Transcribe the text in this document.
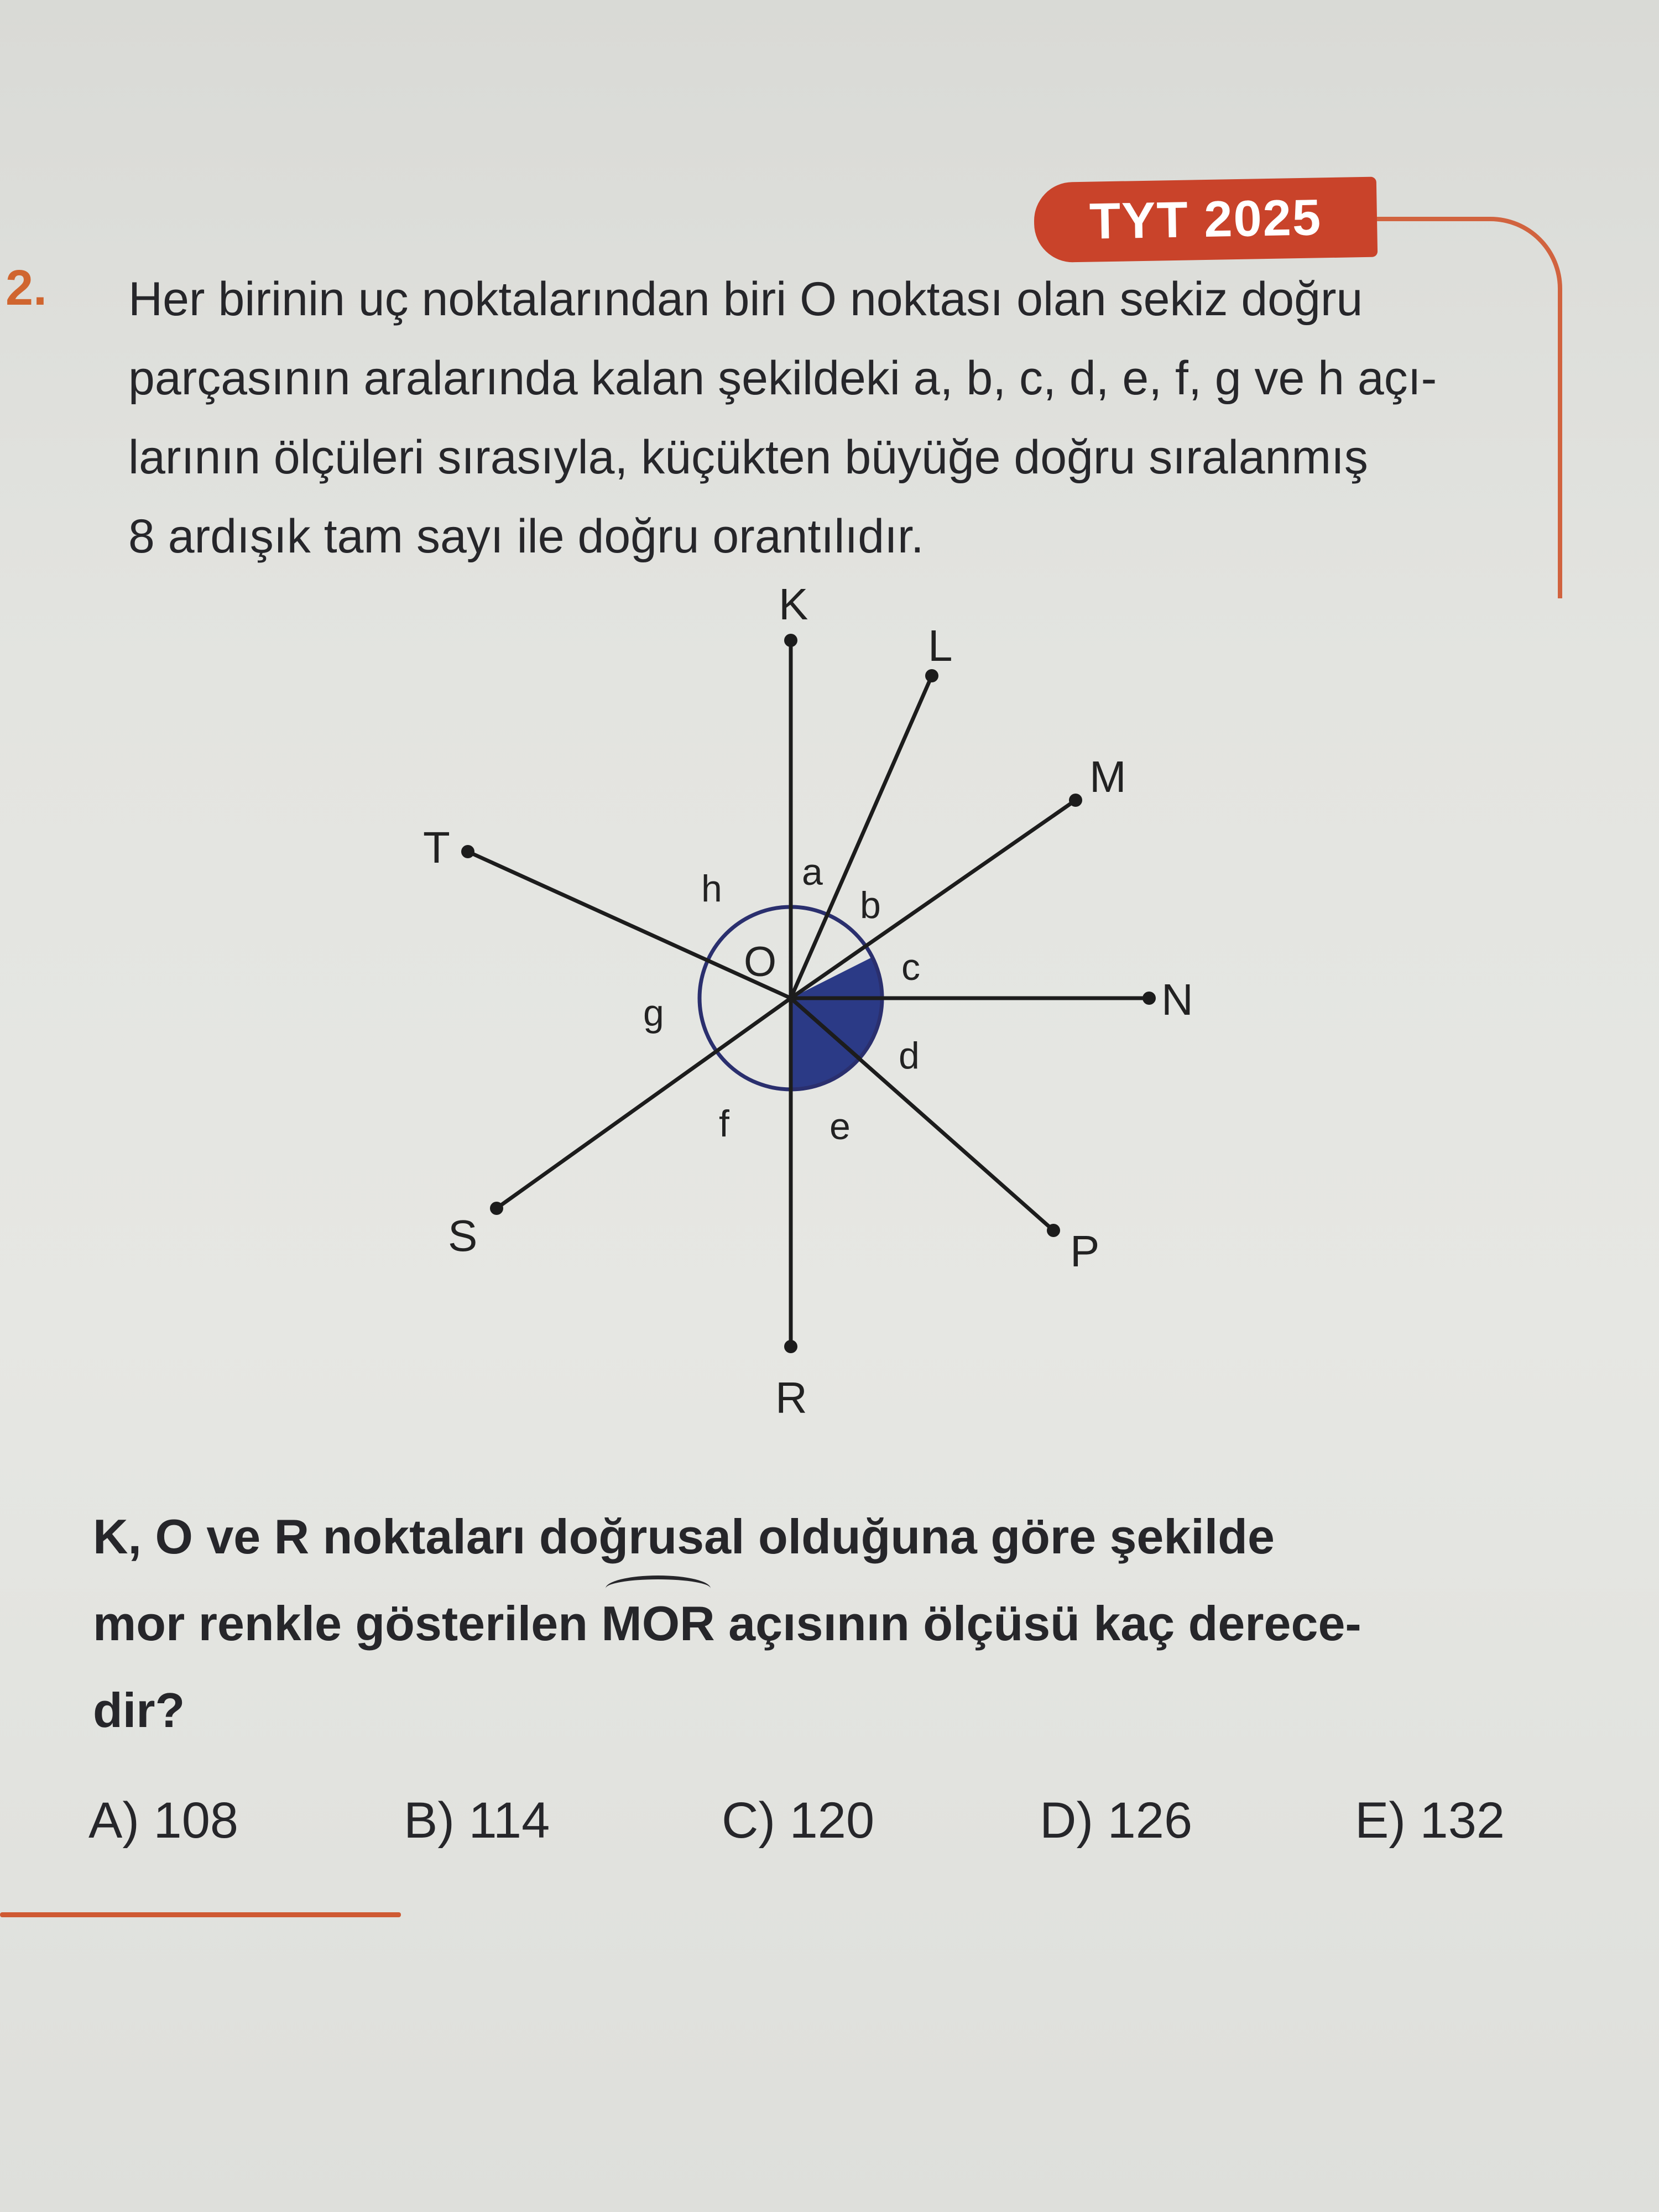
TYT 2025
2. Her birinin uç noktalarından biri O noktası olan sekiz doğru
parçasının aralarında kalan şekildeki a, b, c, d, e, f, g ve h açı-
larının ölçüleri sırasıyla, küçükten büyüğe doğru sıralanmış
8 ardışık tam sayı ile doğru orantılıdır.
K
L
M
N
P
R
S
T
O
a
b
c
d
e
f
g
h
K, O ve R noktaları doğrusal olduğuna göre şekilde
mor renkle gösterilen MOR açısının ölçüsü kaç derece-
dir?
A) 108	B) 114	C) 120	D) 126	E) 132
